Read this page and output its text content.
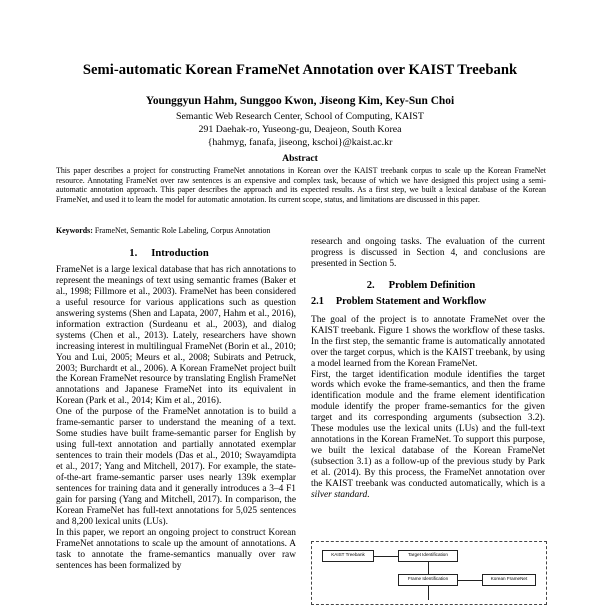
Semi-automatic Korean FrameNet Annotation over KAIST Treebank
Younggyun Hahm, Sunggoo Kwon, Jiseong Kim, Key-Sun Choi
Semantic Web Research Center, School of Computing, KAIST
291 Daehak-ro, Yuseong-gu, Deajeon, South Korea
{hahmyg, fanafa, jiseong, kschoi}@kaist.ac.kr
Abstract
This paper describes a project for constructing FrameNet annotations in Korean over the KAIST treebank corpus to scale up the Korean FrameNet resource. Annotating FrameNet over raw sentences is an expensive and complex task, because of which we have designed this project using a semi-automatic annotation approach. This paper describes the approach and its expected results. As a first step, we built a lexical database of the Korean FrameNet, and used it to learn the model for automatic annotation. Its current scope, status, and limitations are discussed in this paper.
Keywords: FrameNet, Semantic Role Labeling, Corpus Annotation
1. Introduction

FrameNet is a large lexical database that has rich annotations to represent the meanings of text using semantic frames (Baker et al., 1998; Fillmore et al., 2003). FrameNet has been considered a useful resource for various applications such as question answering systems (Shen and Lapata, 2007, Hahm et al., 2016), information extraction (Surdeanu et al., 2003), and dialog systems (Chen et al., 2013). Lately, researchers have shown increasing interest in multilingual FrameNet (Borin et al., 2010; You and Lui, 2005; Meurs et al., 2008; Subirats and Petruck, 2003; Burchardt et al., 2006). A Korean FrameNet project built the Korean FrameNet resource by translating English FrameNet annotations and Japanese FrameNet into its equivalent in Korean (Park et al., 2014; Kim et al., 2016).

One of the purpose of the FrameNet annotation is to build a frame-semantic parser to understand the meaning of a text. Some studies have built frame-semantic parser for English by using full-text annotation and partially annotated exemplar sentences to train their models (Das et al., 2010; Swayamdipta et al., 2017; Yang and Mitchell, 2017). For example, the state-of-the-art frame-semantic parser uses nearly 139k exemplar sentences for training data and it generally introduces a 3–4 F1 gain for parsing (Yang and Mitchell, 2017). In comparison, the Korean FrameNet has full-text annotations for 5,025 sentences and 8,200 lexical units (LUs).

In this paper, we report an ongoing project to construct Korean FrameNet annotations to scale up the amount of annotations. A task to annotate the frame-semantics manually over raw sentences has been formalized by

research and ongoing tasks. The evaluation of the current progress is discussed in Section 4, and conclusions are presented in Section 5.

2. Problem Definition
2.1 Problem Statement and Workflow

The goal of the project is to annotate FrameNet over the KAIST treebank. Figure 1 shows the workflow of these tasks. In the first step, the semantic frame is automatically annotated over the target corpus, which is the KAIST treebank, by using a model learned from the Korean FrameNet.

First, the target identification module identifies the target words which evoke the frame-semantics, and then the frame identification module and the frame element identification module identify the proper frame-semantics for the given target and its corresponding arguments (subsection 3.2). These modules use the lexical units (LUs) and the full-text annotations in the Korean FrameNet. To support this purpose, we built the lexical database of the Korean FrameNet (subsection 3.1) as a follow-up of the previous study by Park et al. (2014). By this process, the FrameNet annotation over the KAIST treebank was conducted automatically, which is a silver standard.

KAIST Treebank	Target Identification
Frame Identification	Korean FrameNet
